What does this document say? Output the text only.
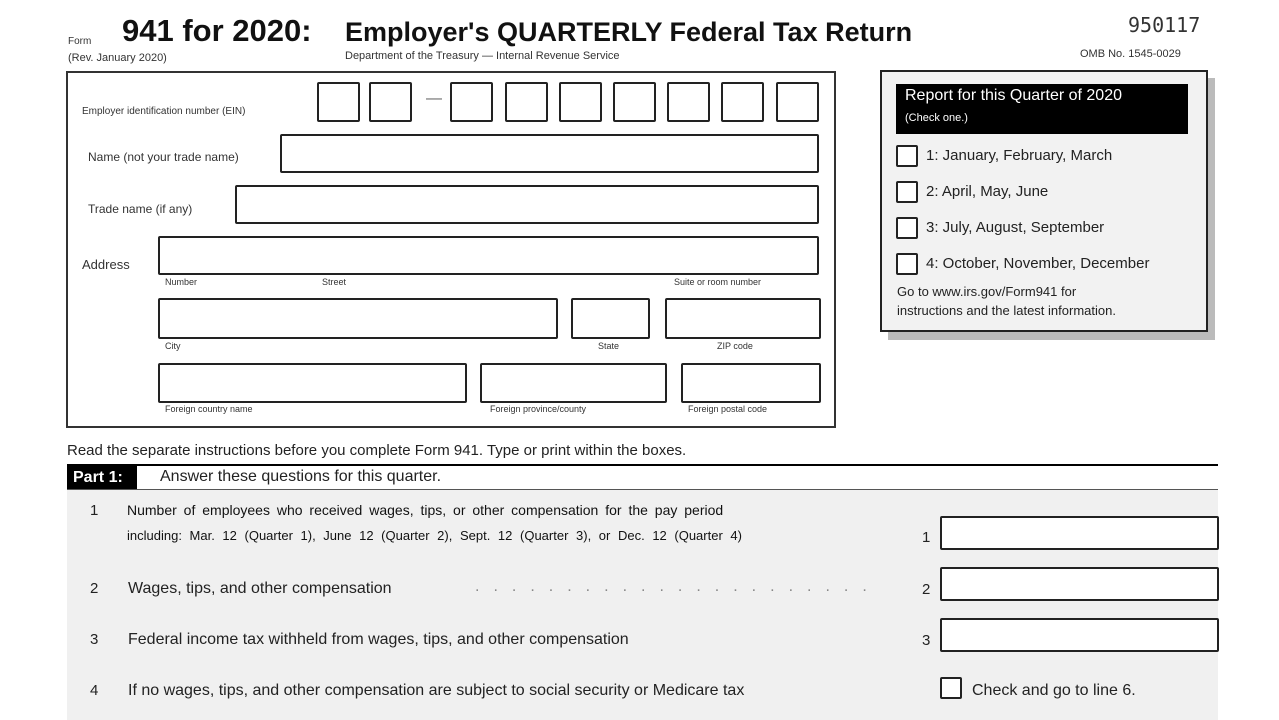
Form 941 for 2020: Employer's QUARTERLY Federal Tax Return
(Rev. January 2020)	Department of the Treasury — Internal Revenue Service
950117
OMB No. 1545-0029
Employer identification number (EIN)
—
Name (not your trade name)
Trade name (if any)
Address
Number	Street	Suite or room number
City	State	ZIP code
Foreign country name	Foreign province/county	Foreign postal code
Report for this Quarter of 2020
(Check one.)
1: January, February, March
2: April, May, June
3: July, August, September
4: October, November, December
Go to www.irs.gov/Form941 for
instructions and the latest information.
Read the separate instructions before you complete Form 941. Type or print within the boxes.
Part 1: Answer these questions for this quarter.
1 Number of employees who received wages, tips, or other compensation for the pay period
including: Mar. 12 (Quarter 1), June 12 (Quarter 2), Sept. 12 (Quarter 3), or Dec. 12 (Quarter 4)	1
2 Wages, tips, and other compensation	......................	2
3 Federal income tax withheld from wages, tips, and other compensation	3
4 If no wages, tips, and other compensation are subject to social security or Medicare tax	Check and go to line 6.
